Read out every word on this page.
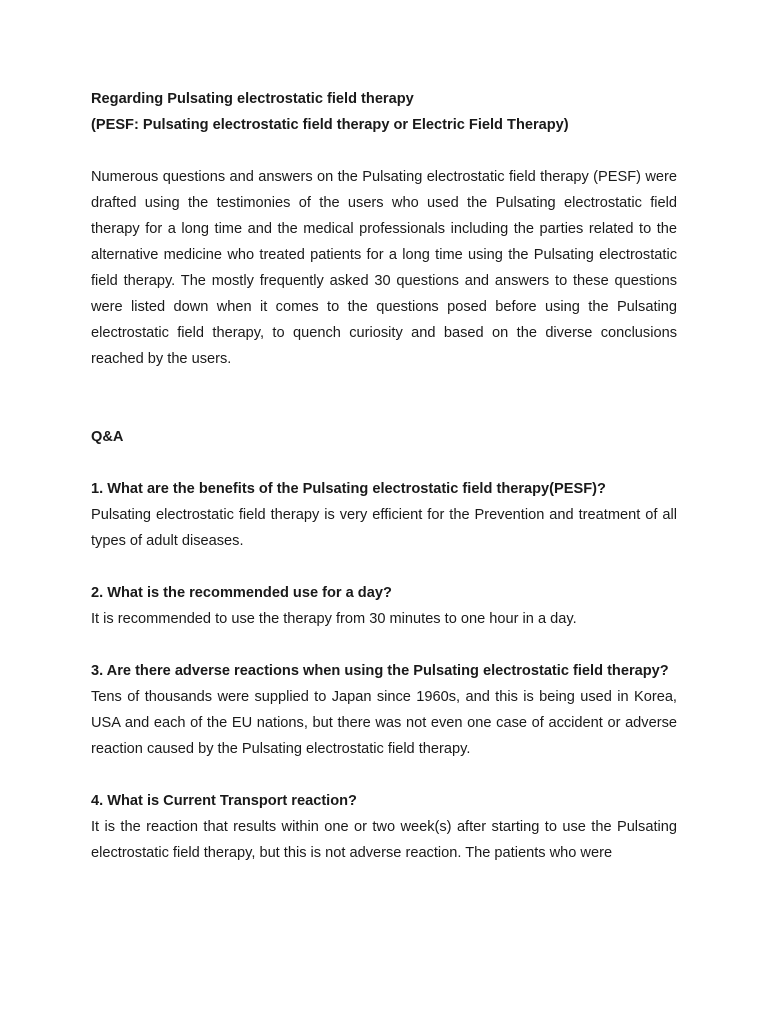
Regarding Pulsating electrostatic field therapy

(PESF: Pulsating electrostatic field therapy or Electric Field Therapy)

Numerous questions and answers on the Pulsating electrostatic field therapy (PESF) were drafted using the testimonies of the users who used the Pulsating electrostatic field therapy for a long time and the medical professionals including the parties related to the alternative medicine who treated patients for a long time using the Pulsating electrostatic field therapy. The mostly frequently asked 30 questions and answers to these questions were listed down when it comes to the questions posed before using the Pulsating electrostatic field therapy, to quench curiosity and based on the diverse conclusions reached by the users.

Q&A

1. What are the benefits of the Pulsating electrostatic field therapy(PESF)?

Pulsating electrostatic field therapy is very efficient for the Prevention and treatment of all types of adult diseases.

2. What is the recommended use for a day?

It is recommended to use the therapy from 30 minutes to one hour in a day.

3. Are there adverse reactions when using the Pulsating electrostatic field therapy?

Tens of thousands were supplied to Japan since 1960s, and this is being used in Korea, USA and each of the EU nations, but there was not even one case of accident or adverse reaction caused by the Pulsating electrostatic field therapy.

4. What is Current Transport reaction?

It is the reaction that results within one or two week(s) after starting to use the Pulsating electrostatic field therapy, but this is not adverse reaction. The patients who were
